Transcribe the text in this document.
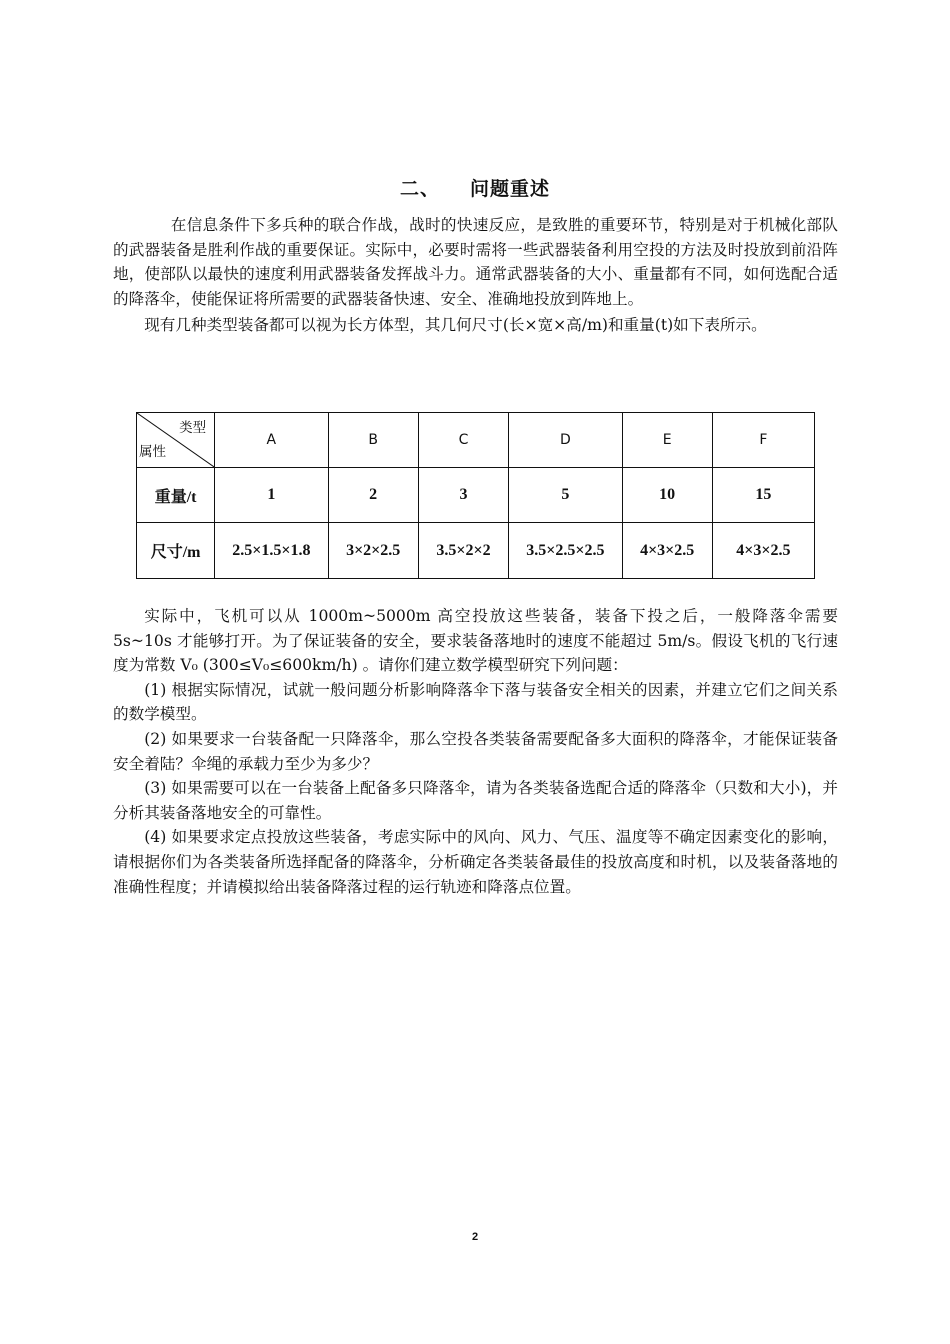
二、 问题重述

在信息条件下多兵种的联合作战，战时的快速反应，是致胜的重要环节，特别是对于机械化部队的武器装备是胜利作战的重要保证。实际中，必要时需将一些武器装备利用空投的方法及时投放到前沿阵地，使部队以最快的速度利用武器装备发挥战斗力。通常武器装备的大小、重量都有不同，如何选配合适的降落伞，使能保证将所需要的武器装备快速、安全、准确地投放到阵地上。

现有几种类型装备都可以视为长方体型，其几何尺寸(长×宽×高/m)和重量(t)如下表所示。

类型
属性	A	B	C	D	E	F
重量/t	1	2	3	5	10	15
尺寸/m	2.5×1.5×1.8	3×2×2.5	3.5×2×2	3.5×2.5×2.5	4×3×2.5	4×3×2.5

实际中，飞机可以从 1000m~5000m 高空投放这些装备，装备下投之后，一般降落伞需要 5s~10s 才能够打开。为了保证装备的安全，要求装备落地时的速度不能超过 5m/s。假设飞机的飞行速度为常数 V₀ (300≤V₀≤600km/h) 。请你们建立数学模型研究下列问题：

(1) 根据实际情况，试就一般问题分析影响降落伞下落与装备安全相关的因素，并建立它们之间关系的数学模型。

(2) 如果要求一台装备配一只降落伞，那么空投各类装备需要配备多大面积的降落伞，才能保证装备安全着陆？伞绳的承载力至少为多少？

(3) 如果需要可以在一台装备上配备多只降落伞，请为各类装备选配合适的降落伞（只数和大小)，并分析其装备落地安全的可靠性。

(4) 如果要求定点投放这些装备，考虑实际中的风向、风力、气压、温度等不确定因素变化的影响，请根据你们为各类装备所选择配备的降落伞，分析确定各类装备最佳的投放高度和时机，以及装备落地的准确性程度；并请模拟给出装备降落过程的运行轨迹和降落点位置。

2
